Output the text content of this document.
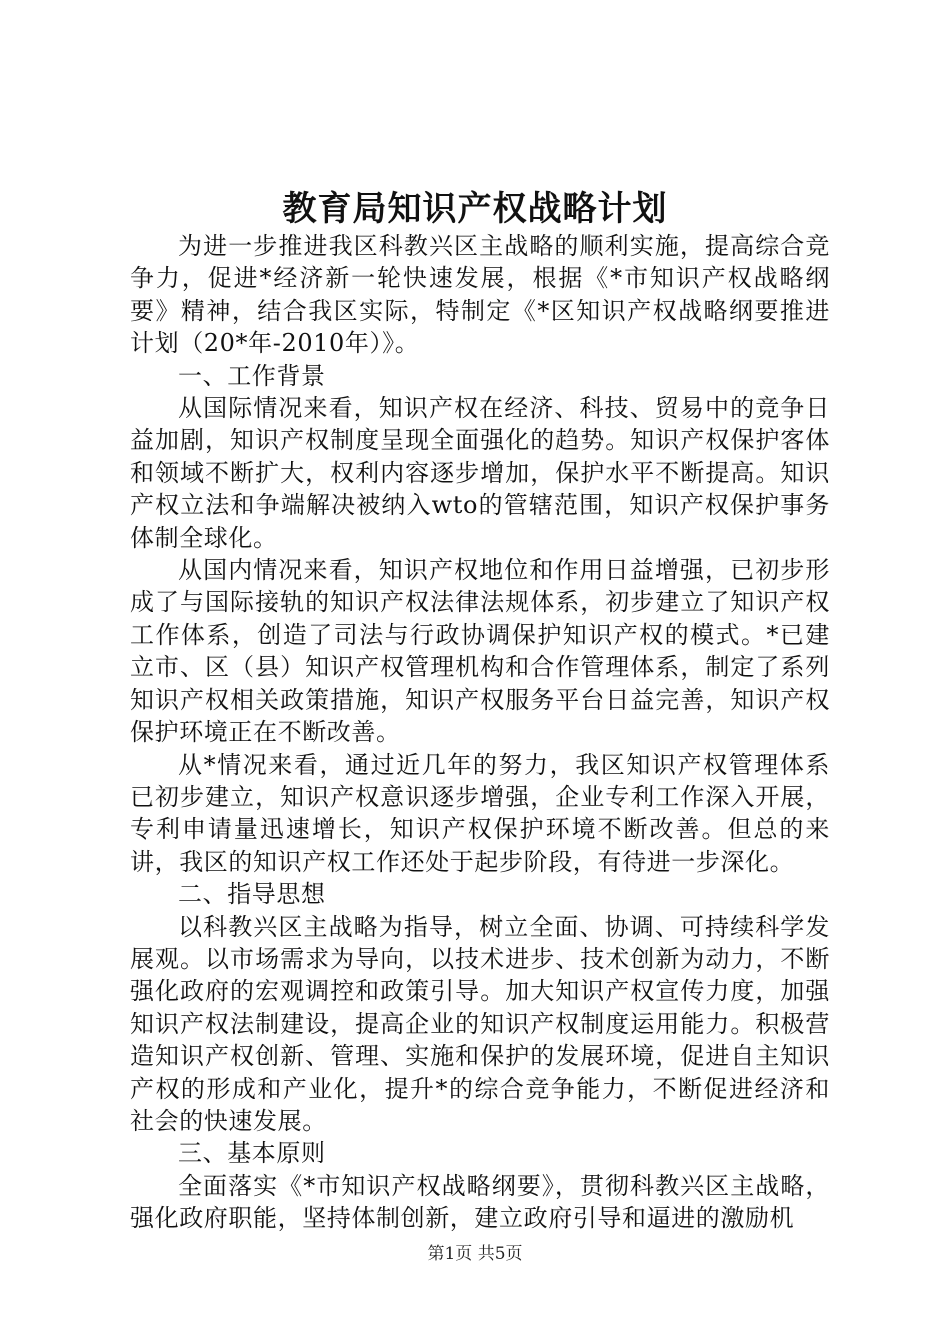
教育局知识产权战略计划

为进一步推进我区科教兴区主战略的顺利实施，提高综合竞争力，促进*经济新一轮快速发展，根据《*市知识产权战略纲要》精神，结合我区实际，特制定《*区知识产权战略纲要推进计划（20*年-2010年）》。

一、工作背景

从国际情况来看，知识产权在经济、科技、贸易中的竞争日益加剧，知识产权制度呈现全面强化的趋势。知识产权保护客体和领域不断扩大，权利内容逐步增加，保护水平不断提高。知识产权立法和争端解决被纳入wto的管辖范围，知识产权保护事务体制全球化。

从国内情况来看，知识产权地位和作用日益增强，已初步形成了与国际接轨的知识产权法律法规体系，初步建立了知识产权工作体系，创造了司法与行政协调保护知识产权的模式。*已建立市、区（县）知识产权管理机构和合作管理体系，制定了系列知识产权相关政策措施，知识产权服务平台日益完善，知识产权保护环境正在不断改善。

从*情况来看，通过近几年的努力，我区知识产权管理体系已初步建立，知识产权意识逐步增强，企业专利工作深入开展，专利申请量迅速增长，知识产权保护环境不断改善。但总的来讲，我区的知识产权工作还处于起步阶段，有待进一步深化。

二、指导思想

以科教兴区主战略为指导，树立全面、协调、可持续科学发展观。以市场需求为导向，以技术进步、技术创新为动力，不断强化政府的宏观调控和政策引导。加大知识产权宣传力度，加强知识产权法制建设，提高企业的知识产权制度运用能力。积极营造知识产权创新、管理、实施和保护的发展环境，促进自主知识产权的形成和产业化，提升*的综合竞争能力，不断促进经济和社会的快速发展。

三、基本原则

全面落实《*市知识产权战略纲要》，贯彻科教兴区主战略，强化政府职能，坚持体制创新，建立政府引导和逼进的激励机

第1页 共5页
